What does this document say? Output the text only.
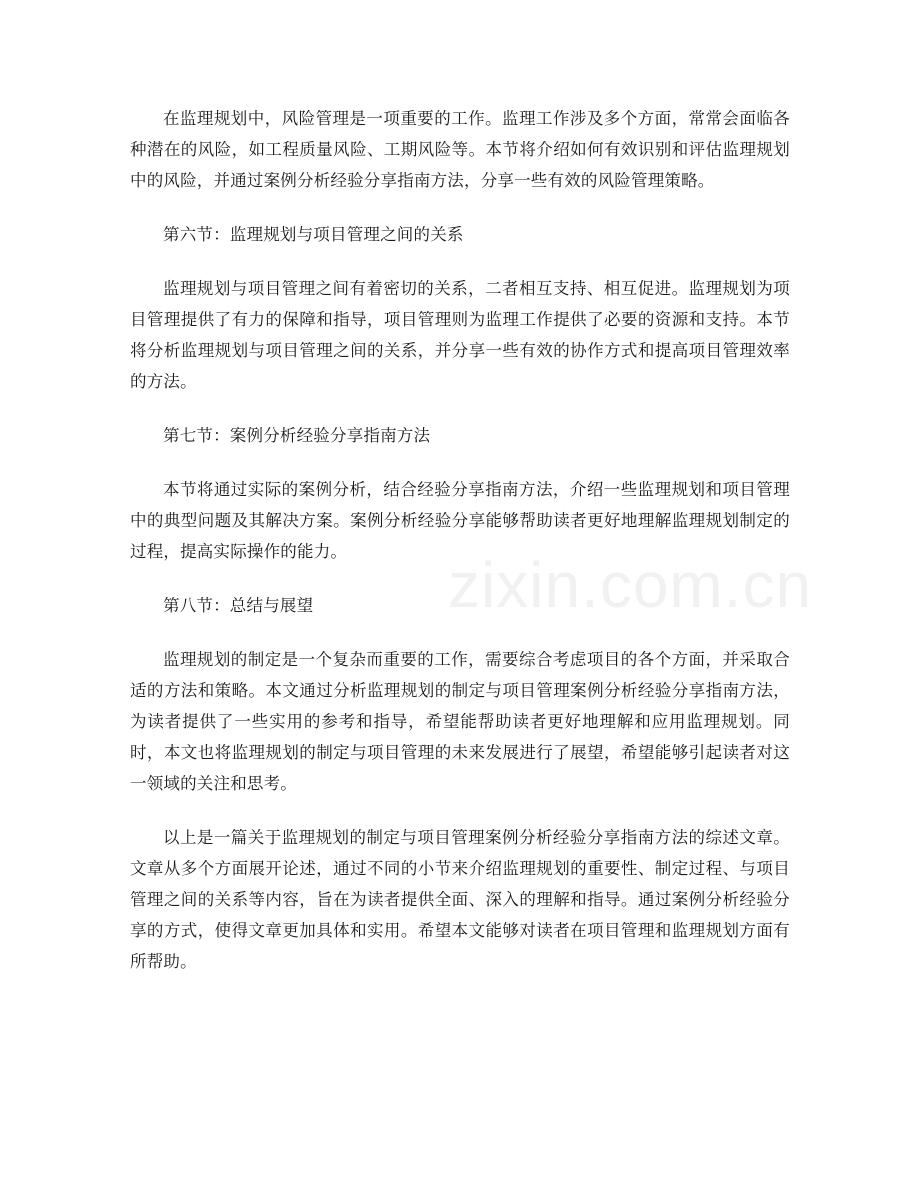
在监理规划中，风险管理是一项重要的工作。监理工作涉及多个方面，常常会面临各种潜在的风险，如工程质量风险、工期风险等。本节将介绍如何有效识别和评估监理规划中的风险，并通过案例分析经验分享指南方法，分享一些有效的风险管理策略。

第六节：监理规划与项目管理之间的关系

监理规划与项目管理之间有着密切的关系，二者相互支持、相互促进。监理规划为项目管理提供了有力的保障和指导，项目管理则为监理工作提供了必要的资源和支持。本节将分析监理规划与项目管理之间的关系，并分享一些有效的协作方式和提高项目管理效率的方法。

第七节：案例分析经验分享指南方法

本节将通过实际的案例分析，结合经验分享指南方法，介绍一些监理规划和项目管理中的典型问题及其解决方案。案例分析经验分享能够帮助读者更好地理解监理规划制定的过程，提高实际操作的能力。

第八节：总结与展望

监理规划的制定是一个复杂而重要的工作，需要综合考虑项目的各个方面，并采取合适的方法和策略。本文通过分析监理规划的制定与项目管理案例分析经验分享指南方法，为读者提供了一些实用的参考和指导，希望能帮助读者更好地理解和应用监理规划。同时，本文也将监理规划的制定与项目管理的未来发展进行了展望，希望能够引起读者对这一领域的关注和思考。

以上是一篇关于监理规划的制定与项目管理案例分析经验分享指南方法的综述文章。文章从多个方面展开论述，通过不同的小节来介绍监理规划的重要性、制定过程、与项目管理之间的关系等内容，旨在为读者提供全面、深入的理解和指导。通过案例分析经验分享的方式，使得文章更加具体和实用。希望本文能够对读者在项目管理和监理规划方面有所帮助。

zixin.com.cn
